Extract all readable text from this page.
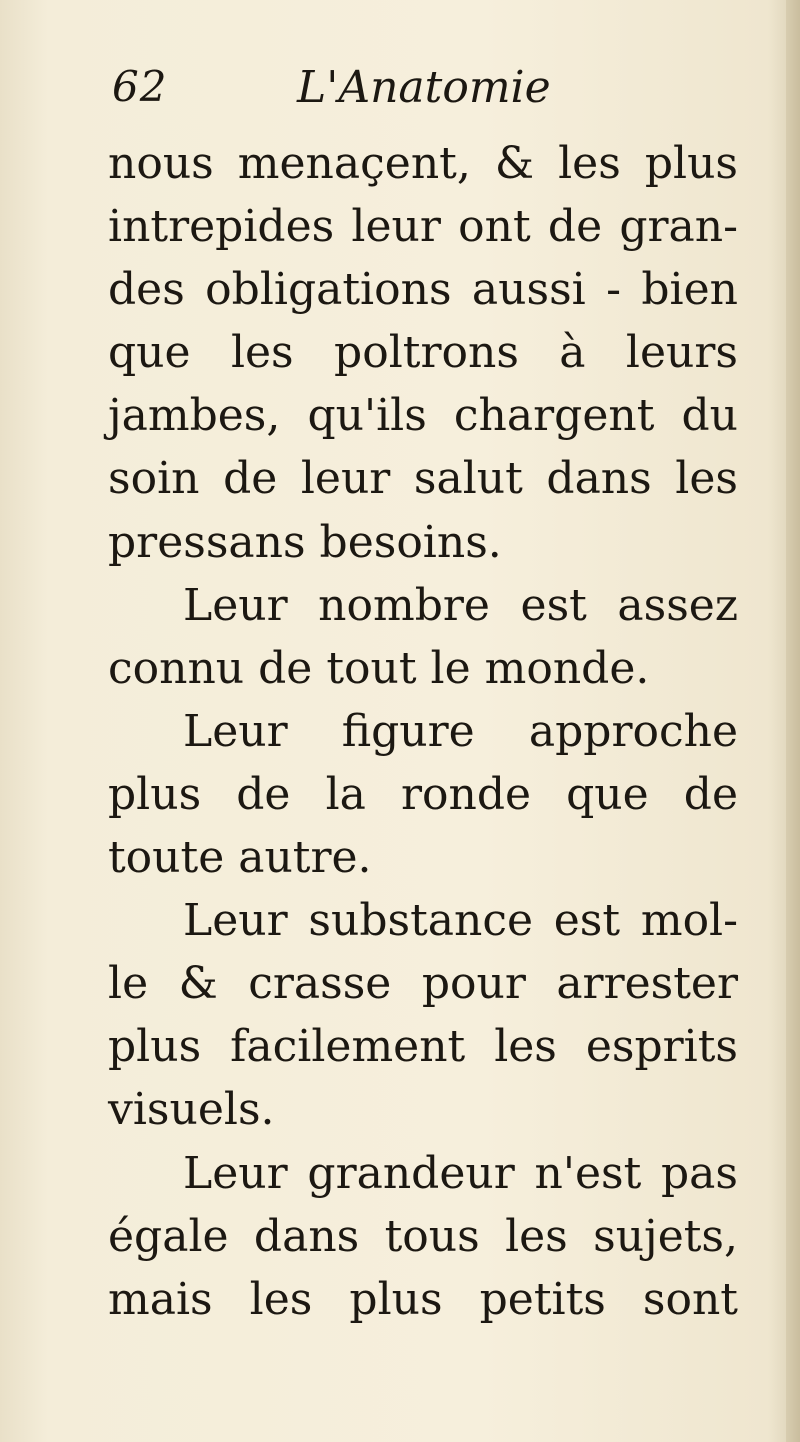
62	L'Anatomie
nous menaçent, & les plus
intrepides leur ont de gran-
des obligations aussi - bien
que les poltrons à leurs
jambes, qu'ils chargent du
soin de leur salut dans les
pressans besoins.
Leur nombre est assez
connu de tout le monde.
Leur figure approche
plus de la ronde que de
toute autre.
Leur substance est mol-
le & crasse pour arrester
plus facilement les esprits
visuels.
Leur grandeur n'est pas
égale dans tous les sujets,
mais les plus petits sont
